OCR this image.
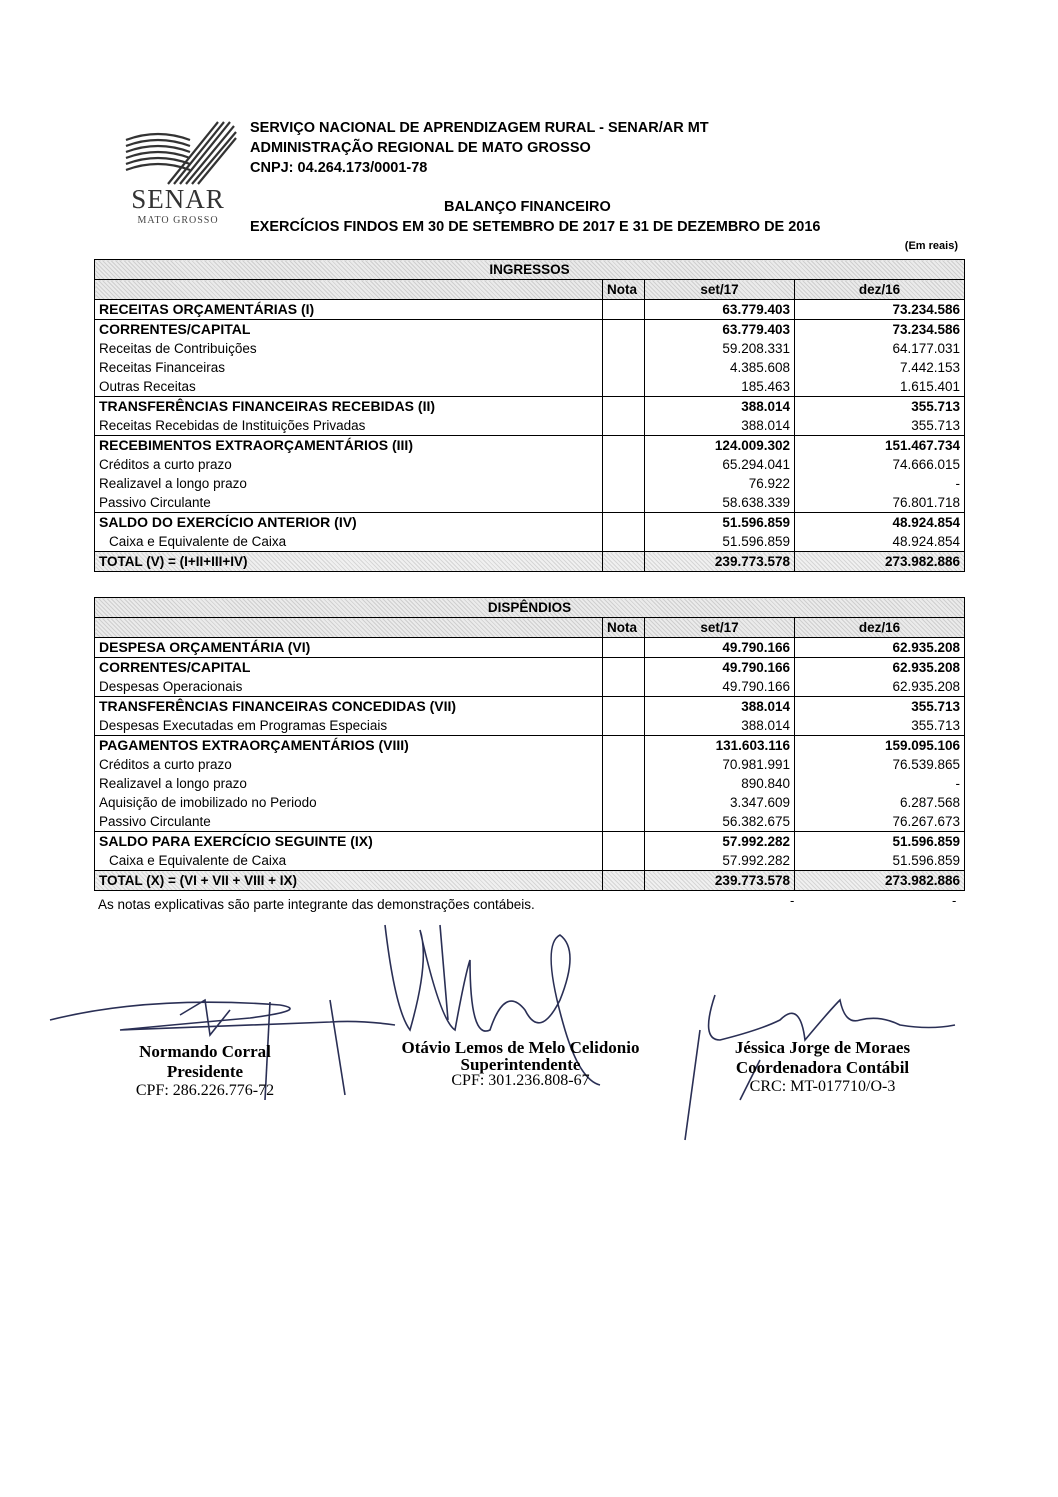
SENAR
MATO GROSSO
SERVIÇO NACIONAL DE APRENDIZAGEM RURAL - SENAR/AR MT
ADMINISTRAÇÃO REGIONAL DE MATO GROSSO
CNPJ: 04.264.173/0001-78
BALANÇO FINANCEIRO
EXERCÍCIOS FINDOS EM 30 DE SETEMBRO DE 2017 E 31 DE DEZEMBRO DE 2016
(Em reais)
INGRESSOS			
	Nota	set/17	dez/16
RECEITAS ORÇAMENTÁRIAS (I)		63.779.403	73.234.586
CORRENTES/CAPITAL		63.779.403	73.234.586
Receitas de Contribuições		59.208.331	64.177.031
Receitas Financeiras		4.385.608	7.442.153
Outras Receitas		185.463	1.615.401
TRANSFERÊNCIAS FINANCEIRAS RECEBIDAS (II)		388.014	355.713
Receitas Recebidas de Instituições Privadas		388.014	355.713
RECEBIMENTOS EXTRAORÇAMENTÁRIOS (III)		124.009.302	151.467.734
Créditos a curto prazo		65.294.041	74.666.015
Realizavel a longo prazo		76.922	-
Passivo Circulante		58.638.339	76.801.718
SALDO DO EXERCÍCIO ANTERIOR (IV)		51.596.859	48.924.854
Caixa e Equivalente de Caixa		51.596.859	48.924.854
TOTAL (V) = (I+II+III+IV)		239.773.578	273.982.886
DISPÊNDIOS			
	Nota	set/17	dez/16
DESPESA ORÇAMENTÁRIA (VI)		49.790.166	62.935.208
CORRENTES/CAPITAL		49.790.166	62.935.208
Despesas Operacionais		49.790.166	62.935.208
TRANSFERÊNCIAS FINANCEIRAS CONCEDIDAS (VII)		388.014	355.713
Despesas Executadas em Programas Especiais		388.014	355.713
PAGAMENTOS EXTRAORÇAMENTÁRIOS (VIII)		131.603.116	159.095.106
Créditos a curto prazo		70.981.991	76.539.865
Realizavel a longo prazo		890.840	-
Aquisição de imobilizado no Periodo		3.347.609	6.287.568
Passivo Circulante		56.382.675	76.267.673
SALDO PARA EXERCÍCIO SEGUINTE (IX)		57.992.282	51.596.859
Caixa e Equivalente de Caixa		57.992.282	51.596.859
TOTAL (X) = (VI + VII + VIII + IX)		239.773.578	273.982.886
As notas explicativas são parte integrante das demonstrações contábeis.	-	-
Normando Corral
Presidente
CPF: 286.226.776-72
Otávio Lemos de Melo Celidonio
Superintendente
CPF: 301.236.808-67
Jéssica Jorge de Moraes
Coordenadora Contábil
CRC: MT-017710/O-3
